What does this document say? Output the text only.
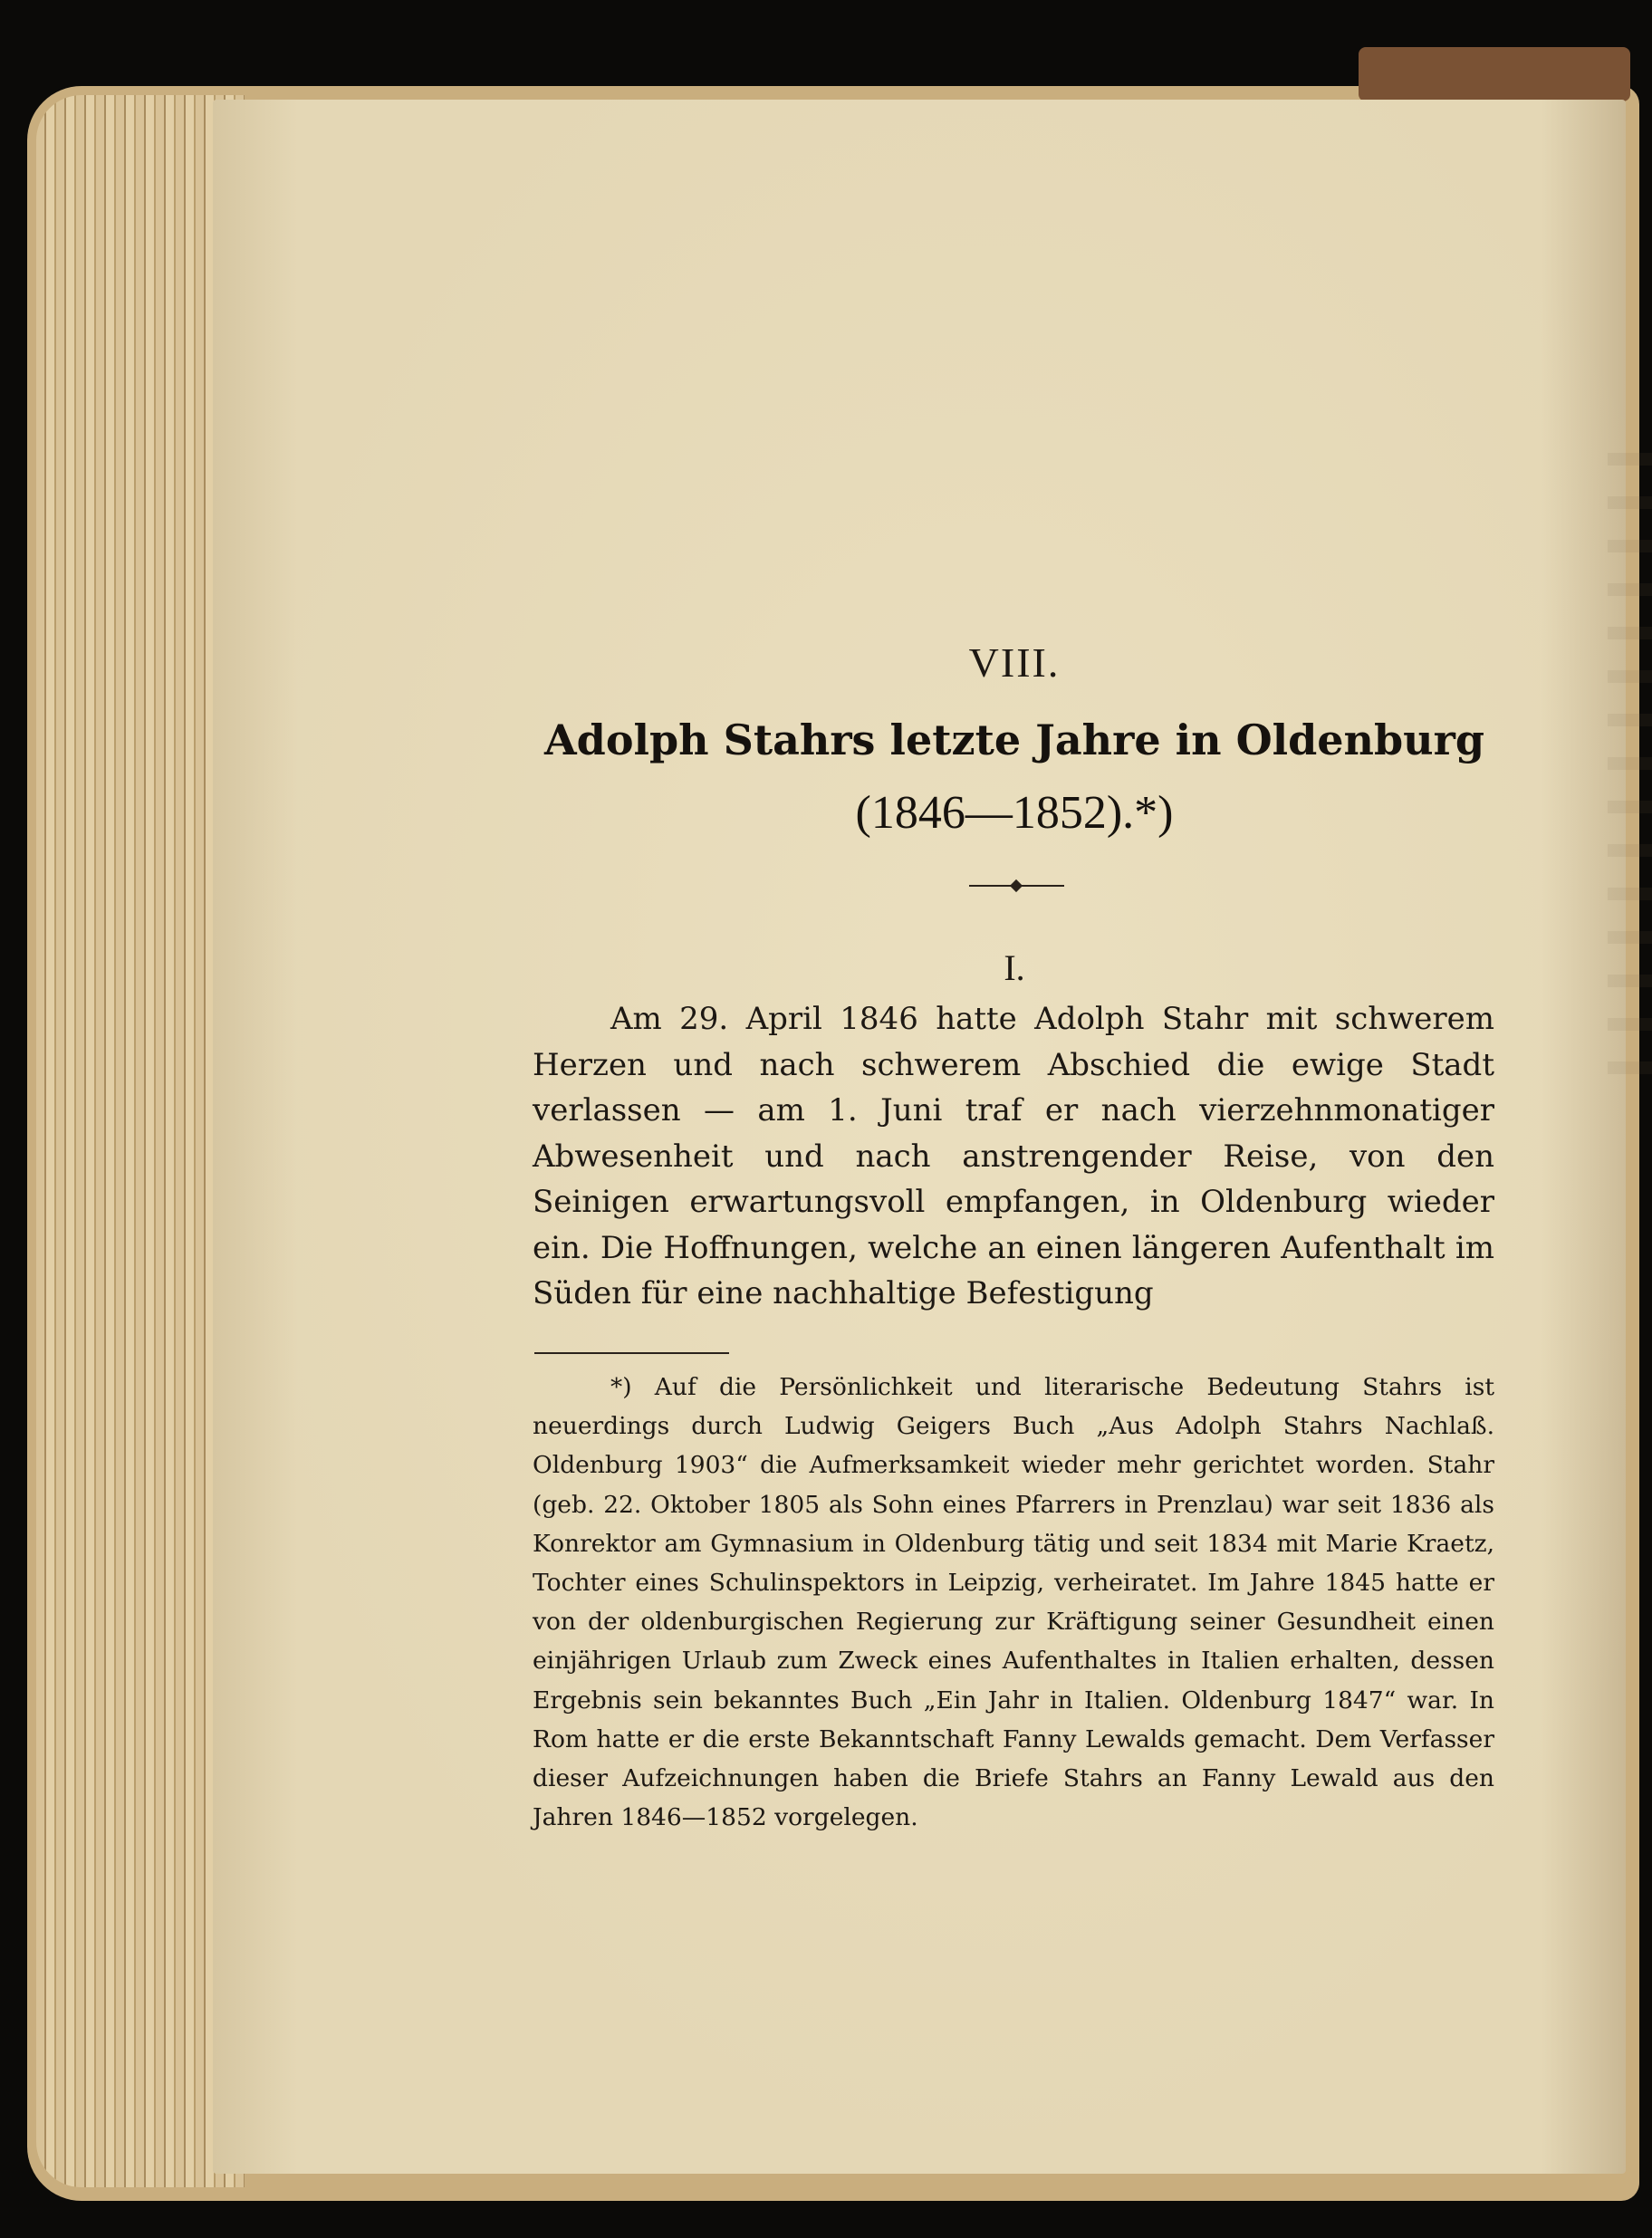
VIII.
Adolph Stahrs letzte Jahre in Oldenburg
(1846—1852).*)
I.
Am 29. April 1846 hatte Adolph Stahr mit schwerem Herzen und nach schwerem Abschied die ewige Stadt verlassen — am 1. Juni traf er nach vierzehnmonatiger Abwesenheit und nach anstrengender Reise, von den Seinigen erwartungsvoll empfangen, in Oldenburg wieder ein. Die Hoffnungen, welche an einen längeren Aufenthalt im Süden für eine nachhaltige Befestigung
*) Auf die Persönlichkeit und literarische Bedeutung Stahrs ist neuerdings durch Ludwig Geigers Buch „Aus Adolph Stahrs Nachlaß. Oldenburg 1903“ die Aufmerksamkeit wieder mehr gerichtet worden. Stahr (geb. 22. Oktober 1805 als Sohn eines Pfarrers in Prenzlau) war seit 1836 als Konrektor am Gymnasium in Oldenburg tätig und seit 1834 mit Marie Kraetz, Tochter eines Schulinspektors in Leipzig, verheiratet. Im Jahre 1845 hatte er von der oldenburgischen Regierung zur Kräftigung seiner Gesundheit einen einjährigen Urlaub zum Zweck eines Aufenthaltes in Italien erhalten, dessen Ergebnis sein bekanntes Buch „Ein Jahr in Italien. Oldenburg 1847“ war. In Rom hatte er die erste Bekanntschaft Fanny Lewalds gemacht. Dem Verfasser dieser Aufzeichnungen haben die Briefe Stahrs an Fanny Lewald aus den Jahren 1846—1852 vorgelegen.
